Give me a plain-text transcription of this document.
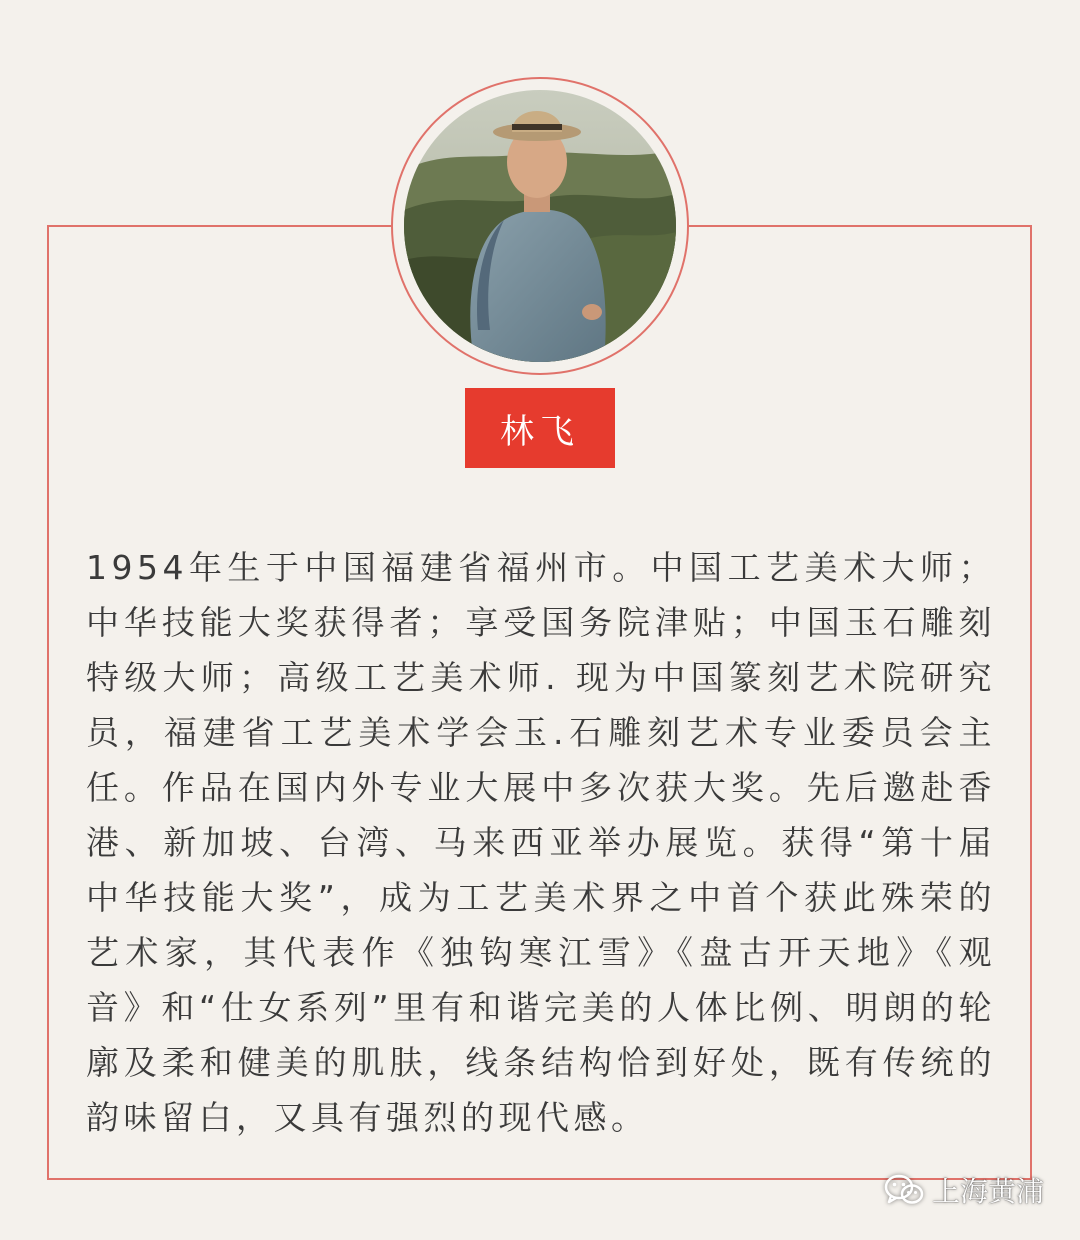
林飞

1954年生于中国福建省福州市。中国工艺美术大师；中华技能大奖获得者；享受国务院津贴；中国玉石雕刻特级大师；高级工艺美术师. 现为中国篆刻艺术院研究员，福建省工艺美术学会玉.石雕刻艺术专业委员会主任。作品在国内外专业大展中多次获大奖。先后邀赴香港、新加坡、台湾、马来西亚举办展览。获得“第十届中华技能大奖”，成为工艺美术界之中首个获此殊荣的艺术家，其代表作《独钩寒江雪》《盘古开天地》《观音》和“仕女系列”里有和谐完美的人体比例、明朗的轮廓及柔和健美的肌肤，线条结构恰到好处，既有传统的韵味留白，又具有强烈的现代感。

上海黄浦
